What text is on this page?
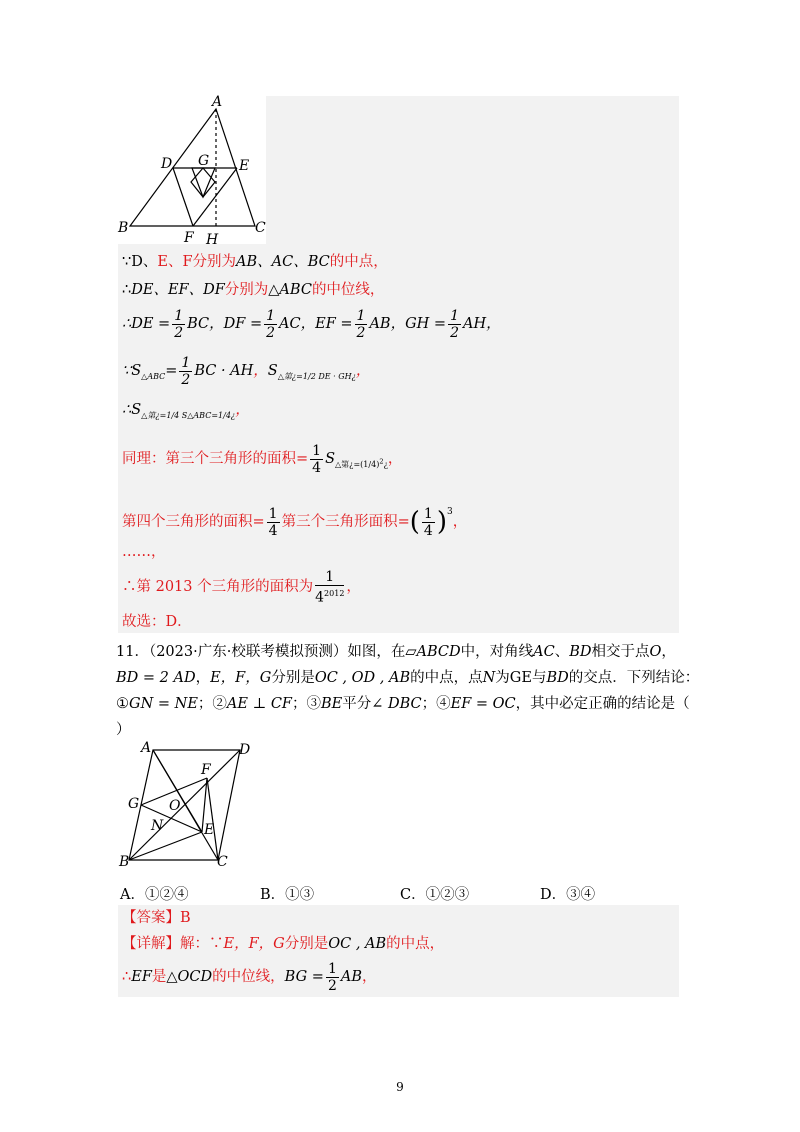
A
D G E
B
F H
C
∵D、E、F分别为AB、AC、BC的中点，
∴DE、EF、DF分别为△ABC的中位线，
∴DE = $\frac{1}{2}$ BC，DF = $\frac{1}{2}$ AC，EF = $\frac{1}{2}$ AB，GH = $\frac{1}{2}$ AH，
$\because S_{\triangle ABC}= \frac{1}{2}$ BC · AH，$S_{\triangle 第¿=1/2 DE \cdot GH¿}$，
$\therefore S_{\triangle 第¿=1/4 S\triangle ABC=1/4¿}$，
同理：第三个三角形的面积= $\frac{1}{4} S_{\triangle 第¿=(1/4)^2¿}$，
第四个三角形的面积= $\frac{1}{4}$ 第三个三角形面积=( $\frac{1}{4} )^3$，
……，
∴第 2013 个三角形的面积为 $\frac{1}{4^{2012}}$ ，
故选：D．
11．（2023·广东·校联考模拟预测）如图，在▱ABCD中，对角线AC、BD相交于点O，
BD = 2 AD，E，F，G分别是OC , OD , AB的中点，点N为GE与BD的交点．下列结论：
①GN = NE；②AE ⊥ CF；③BE平分∠ DBC；④EF = OC，其中必定正确的结论是（
）
A	D
F
G O
N	E
B	C
A．①②④	B．①③	C．①②③	D．③④
【答案】B
【详解】解：∵E，F，G分别是OC , AB的中点，
∴EF是△OCD的中位线，BG = $\frac{1}{2}$ AB，
9
